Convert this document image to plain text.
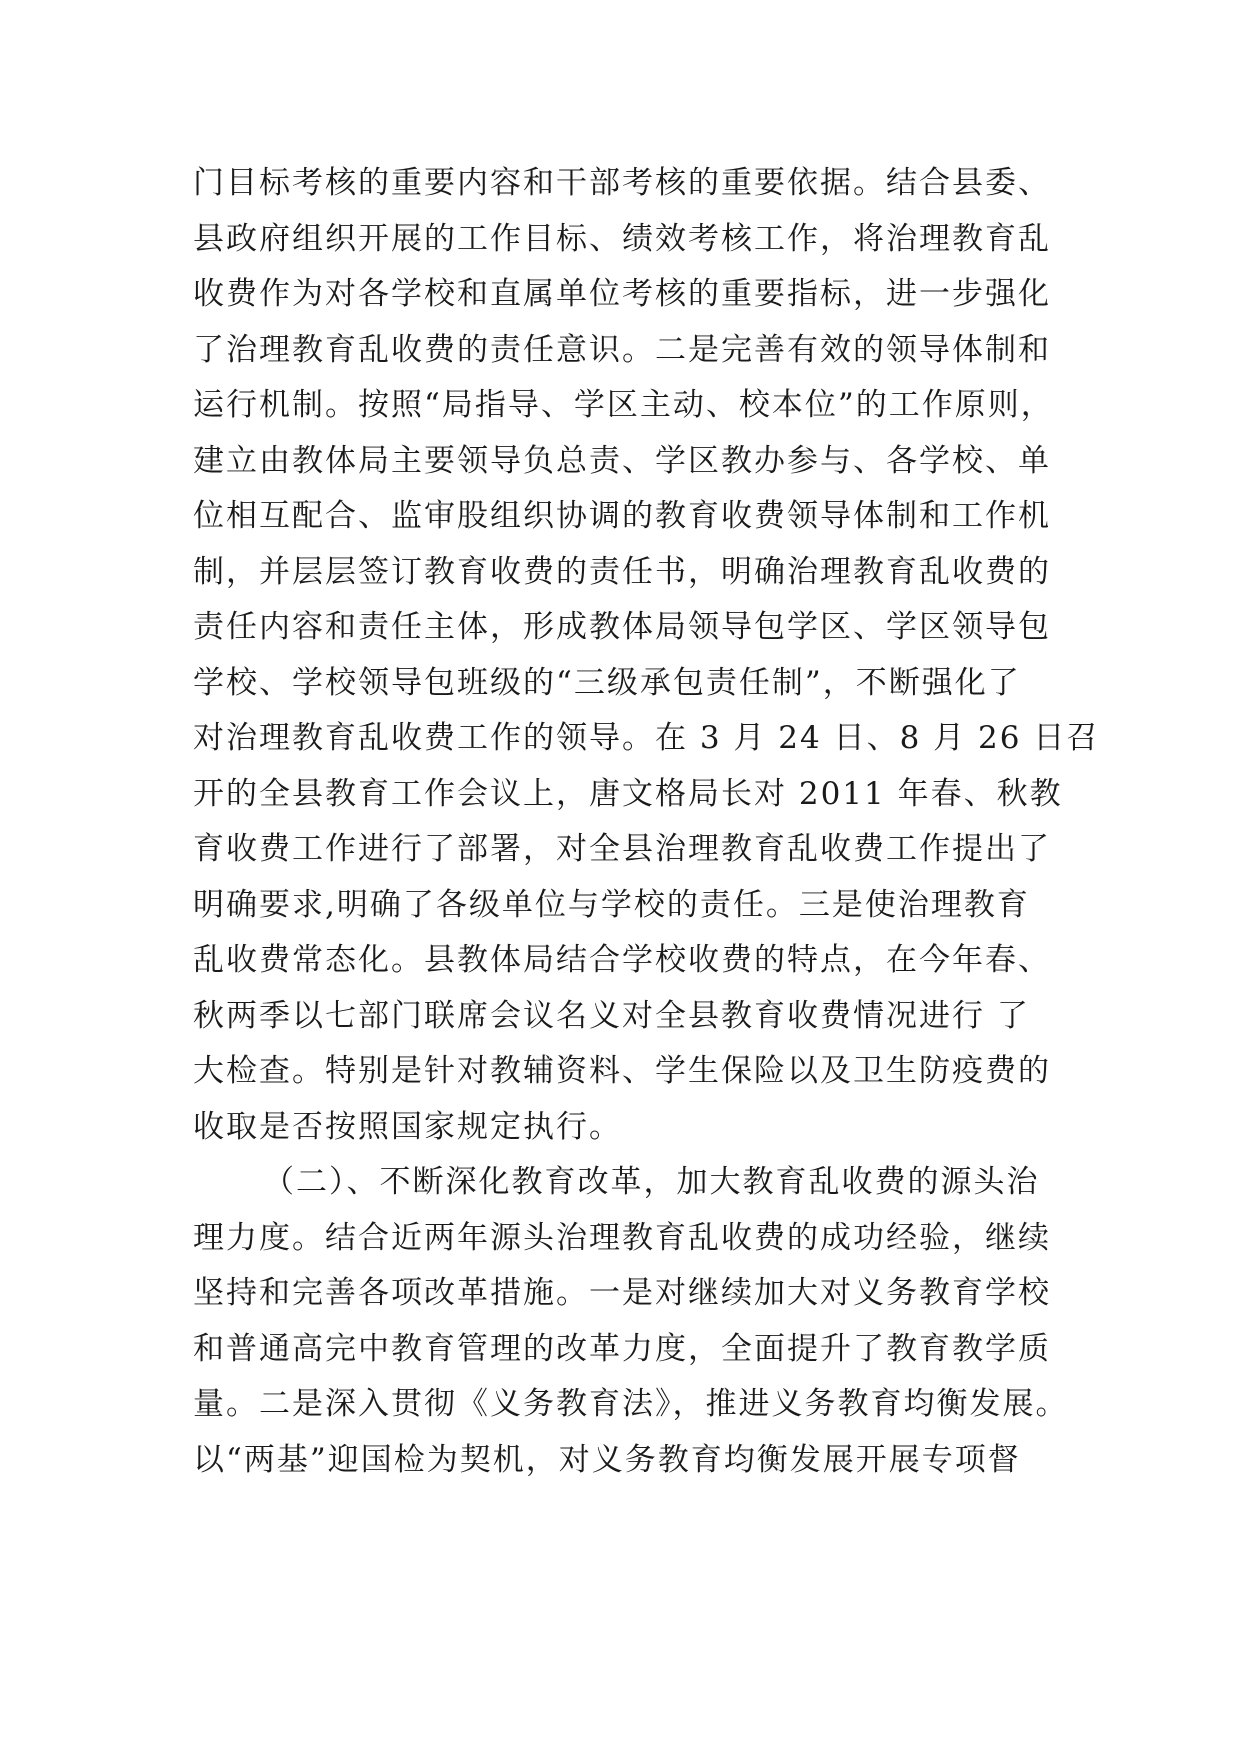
门目标考核的重要内容和干部考核的重要依据。结合县委、
县政府组织开展的工作目标、绩效考核工作，将治理教育乱
收费作为对各学校和直属单位考核的重要指标，进一步强化
了治理教育乱收费的责任意识。二是完善有效的领导体制和
运行机制。按照“局指导、学区主动、校本位”的工作原则，
建立由教体局主要领导负总责、学区教办参与、各学校、单
位相互配合、监审股组织协调的教育收费领导体制和工作机
制，并层层签订教育收费的责任书，明确治理教育乱收费的
责任内容和责任主体，形成教体局领导包学区、学区领导包
学校、学校领导包班级的“三级承包责任制”，不断强化了
对治理教育乱收费工作的领导。在 3 月 24 日、8 月 26 日召
开的全县教育工作会议上，唐文格局长对 2011 年春、秋教
育收费工作进行了部署，对全县治理教育乱收费工作提出了
明确要求,明确了各级单位与学校的责任。三是使治理教育
乱收费常态化。县教体局结合学校收费的特点，在今年春、
秋两季以七部门联席会议名义对全县教育收费情况进行 了
大检查。特别是针对教辅资料、学生保险以及卫生防疫费的
收取是否按照国家规定执行。
（二）、不断深化教育改革，加大教育乱收费的源头治
理力度。结合近两年源头治理教育乱收费的成功经验，继续
坚持和完善各项改革措施。一是对继续加大对义务教育学校
和普通高完中教育管理的改革力度，全面提升了教育教学质
量。二是深入贯彻《义务教育法》，推进义务教育均衡发展。
以“两基”迎国检为契机，对义务教育均衡发展开展专项督
